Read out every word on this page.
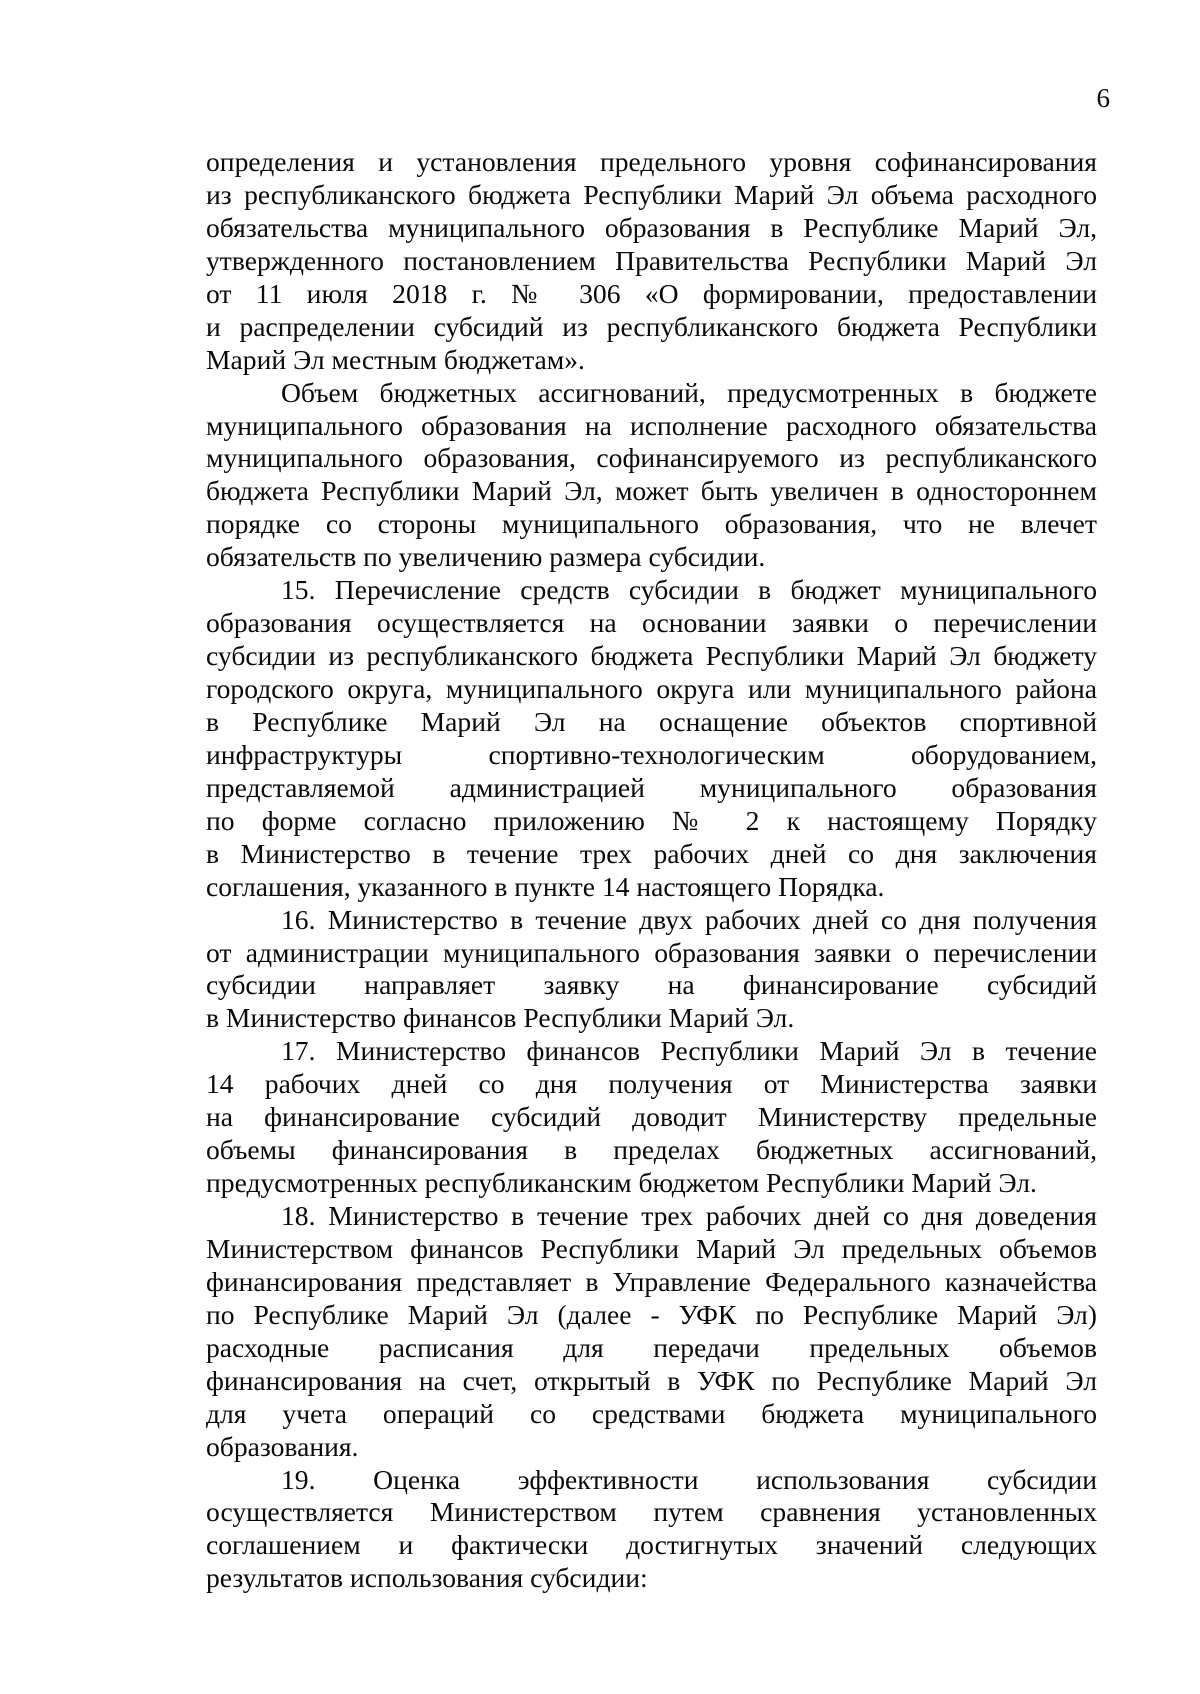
6
определения и установления предельного уровня софинансирования
из республиканского бюджета Республики Марий Эл объема расходного
обязательства муниципального образования в Республике Марий Эл,
утвержденного постановлением Правительства Республики Марий Эл
от 11 июля 2018 г. № 306 «О формировании, предоставлении
и распределении субсидий из республиканского бюджета Республики
Марий Эл местным бюджетам».
Объем бюджетных ассигнований, предусмотренных в бюджете
муниципального образования на исполнение расходного обязательства
муниципального образования, софинансируемого из республиканского
бюджета Республики Марий Эл, может быть увеличен в одностороннем
порядке со стороны муниципального образования, что не влечет
обязательств по увеличению размера субсидии.
15. Перечисление средств субсидии в бюджет муниципального
образования осуществляется на основании заявки о перечислении
субсидии из республиканского бюджета Республики Марий Эл бюджету
городского округа, муниципального округа или муниципального района
в Республике Марий Эл на оснащение объектов спортивной
инфраструктуры спортивно-технологическим оборудованием,
представляемой администрацией муниципального образования
по форме согласно приложению № 2 к настоящему Порядку
в Министерство в течение трех рабочих дней со дня заключения
соглашения, указанного в пункте 14 настоящего Порядка.
16. Министерство в течение двух рабочих дней со дня получения
от администрации муниципального образования заявки о перечислении
субсидии направляет заявку на финансирование субсидий
в Министерство финансов Республики Марий Эл.
17. Министерство финансов Республики Марий Эл в течение
14 рабочих дней со дня получения от Министерства заявки
на финансирование субсидий доводит Министерству предельные
объемы финансирования в пределах бюджетных ассигнований,
предусмотренных республиканским бюджетом Республики Марий Эл.
18. Министерство в течение трех рабочих дней со дня доведения
Министерством финансов Республики Марий Эл предельных объемов
финансирования представляет в Управление Федерального казначейства
по Республике Марий Эл (далее - УФК по Республике Марий Эл)
расходные расписания для передачи предельных объемов
финансирования на счет, открытый в УФК по Республике Марий Эл
для учета операций со средствами бюджета муниципального
образования.
19. Оценка эффективности использования субсидии
осуществляется Министерством путем сравнения установленных
соглашением и фактически достигнутых значений следующих
результатов использования субсидии:
